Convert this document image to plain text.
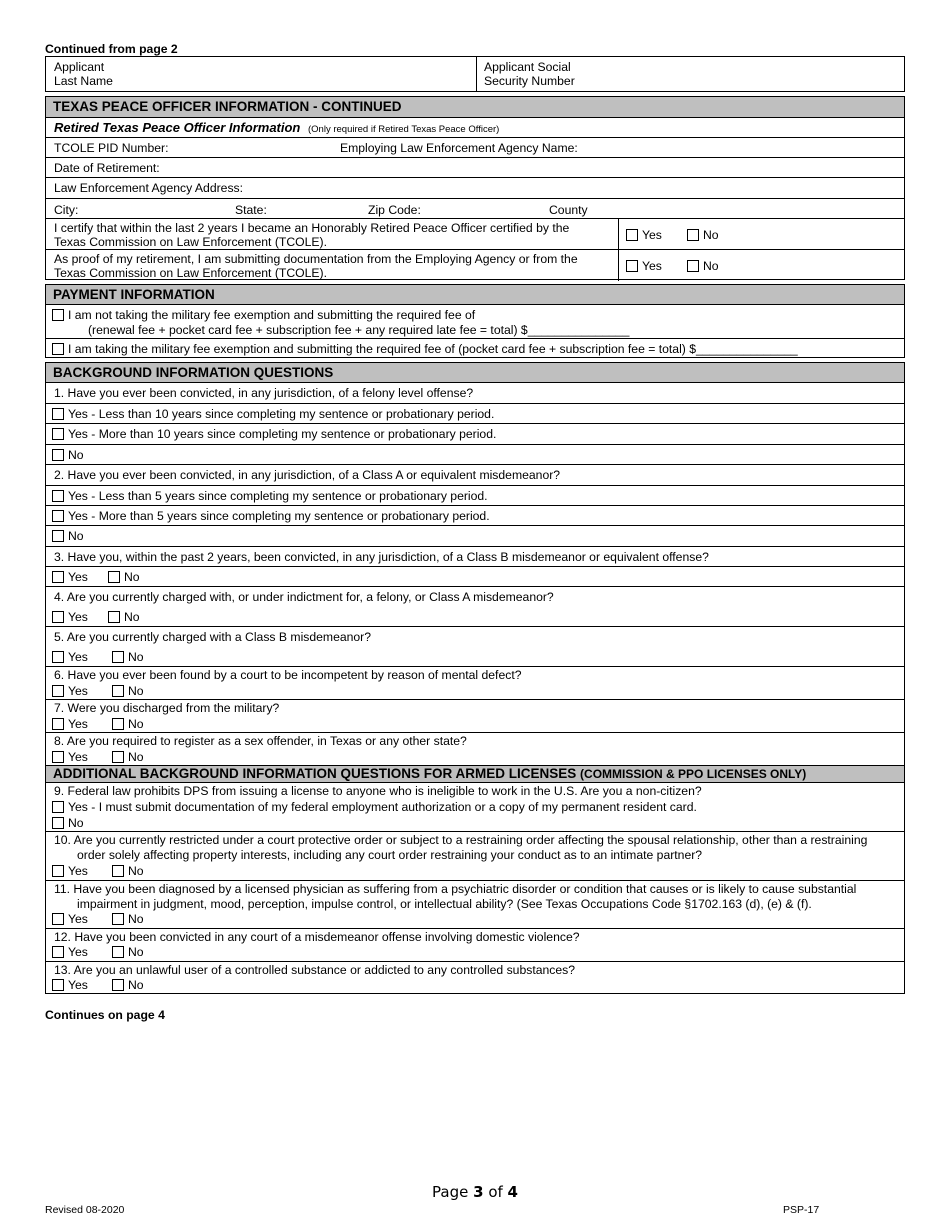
Continued from page 2
Applicant
Last Name
Applicant Social
Security Number
TEXAS PEACE OFFICER INFORMATION - CONTINUED
Retired Texas Peace Officer Information (Only required if Retired Texas Peace Officer)
TCOLE PID Number:	Employing Law Enforcement Agency Name:
Date of Retirement:
Law Enforcement Agency Address:
City:	State:	Zip Code:	County
I certify that within the last 2 years I became an Honorably Retired Peace Officer certified by the
Texas Commission on Law Enforcement (TCOLE).	Yes	No
As proof of my retirement, I am submitting documentation from the Employing Agency or from the
Texas Commission on Law Enforcement (TCOLE).	Yes	No
PAYMENT INFORMATION
I am not taking the military fee exemption and submitting the required fee of
(renewal fee + pocket card fee + subscription fee + any required late fee = total) $_______________
I am taking the military fee exemption and submitting the required fee of (pocket card fee + subscription fee = total) $_______________
BACKGROUND INFORMATION QUESTIONS
1. Have you ever been convicted, in any jurisdiction, of a felony level offense?
Yes - Less than 10 years since completing my sentence or probationary period.
Yes - More than 10 years since completing my sentence or probationary period.
No
2. Have you ever been convicted, in any jurisdiction, of a Class A or equivalent misdemeanor?
Yes - Less than 5 years since completing my sentence or probationary period.
Yes - More than 5 years since completing my sentence or probationary period.
No
3. Have you, within the past 2 years, been convicted, in any jurisdiction, of a Class B misdemeanor or equivalent offense?
Yes	No
4. Are you currently charged with, or under indictment for, a felony, or Class A misdemeanor?
Yes	No
5. Are you currently charged with a Class B misdemeanor?
Yes	No
6. Have you ever been found by a court to be incompetent by reason of mental defect?
Yes	No
7. Were you discharged from the military?
Yes	No
8. Are you required to register as a sex offender, in Texas or any other state?
Yes	No
ADDITIONAL BACKGROUND INFORMATION QUESTIONS FOR ARMED LICENSES (COMMISSION & PPO LICENSES ONLY)
9. Federal law prohibits DPS from issuing a license to anyone who is ineligible to work in the U.S. Are you a non-citizen?
Yes - I must submit documentation of my federal employment authorization or a copy of my permanent resident card.
No
10. Are you currently restricted under a court protective order or subject to a restraining order affecting the spousal relationship, other than a restraining
order solely affecting property interests, including any court order restraining your conduct as to an intimate partner?
Yes	No
11. Have you been diagnosed by a licensed physician as suffering from a psychiatric disorder or condition that causes or is likely to cause substantial
impairment in judgment, mood, perception, impulse control, or intellectual ability? (See Texas Occupations Code §1702.163 (d), (e) & (f).
Yes	No
12. Have you been convicted in any court of a misdemeanor offense involving domestic violence?
Yes	No
13. Are you an unlawful user of a controlled substance or addicted to any controlled substances?
Yes	No
Continues on page 4
Page 3 of 4
Revised 08-2020	PSP-17
